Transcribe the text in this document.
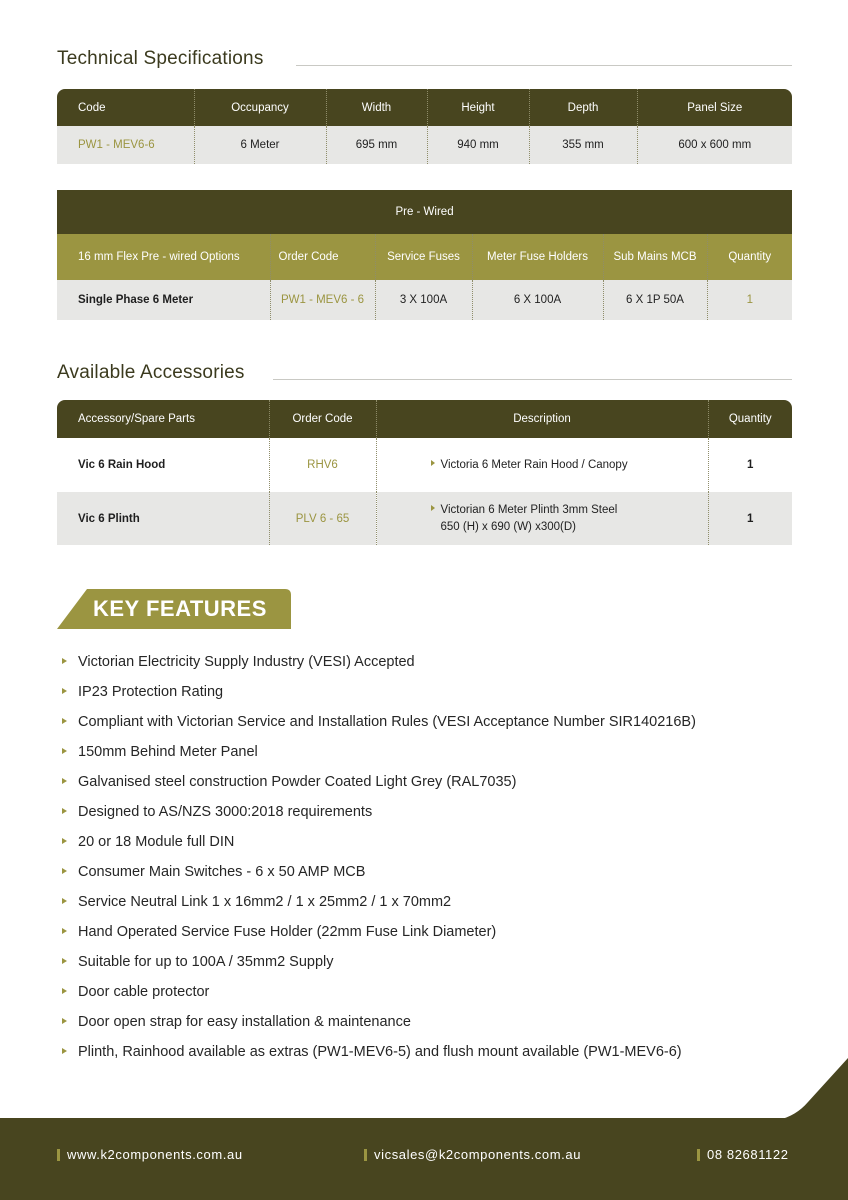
Technical Specifications
Code	Occupancy	Width	Height	Depth	Panel Size
PW1 - MEV6-6	6 Meter	695 mm	940 mm	355 mm	600 x 600 mm
Pre - Wired					
16 mm Flex Pre - wired Options	Order Code	Service Fuses	Meter Fuse Holders	Sub Mains MCB	Quantity
Single Phase 6 Meter	PW1 - MEV6 - 6	3 X 100A	6 X 100A	6 X 1P 50A	1
Available Accessories
Accessory/Spare Parts	Order Code	Description	Quantity
Vic 6 Rain Hood	RHV6	Victoria 6 Meter Rain Hood / Canopy	1
Vic 6 Plinth	PLV 6 - 65	Victorian 6 Meter Plinth 3mm Steel
650 (H) x 690 (W) x300(D)	1
KEY FEATURES
Victorian Electricity Supply Industry (VESI) Accepted
IP23 Protection Rating
Compliant with Victorian Service and Installation Rules (VESI Acceptance Number SIR140216B)
150mm Behind Meter Panel
Galvanised steel construction Powder Coated Light Grey (RAL7035)
Designed to AS/NZS 3000:2018 requirements
20 or 18 Module full DIN
Consumer Main Switches - 6 x 50 AMP MCB
Service Neutral Link 1 x 16mm2 / 1 x 25mm2 / 1 x 70mm2
Hand Operated Service Fuse Holder (22mm Fuse Link Diameter)
Suitable for up to 100A / 35mm2 Supply
Door cable protector
Door open strap for easy installation & maintenance
Plinth, Rainhood available as extras (PW1-MEV6-5) and flush mount available (PW1-MEV6-6)
www.k2components.com.au	vicsales@k2components.com.au	08 82681122
